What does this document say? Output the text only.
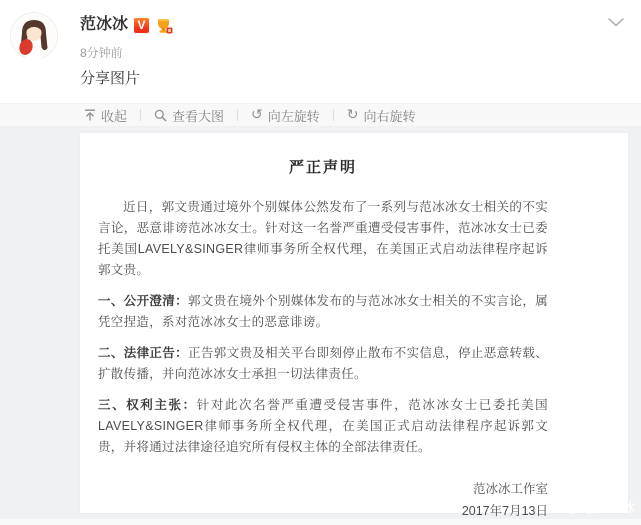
范冰冰 V
8分钟前
分享图片
收起	查看大图 ↺ 向左旋转 ↻ 向右旋转
严正声明

近日，郭文贵通过境外个别媒体公然发布了一系列与范冰冰女士相关的不实言论，恶意诽谤范冰冰女士。针对这一名誉严重遭受侵害事件，范冰冰女士已委托美国LAVELY&SINGER律师事务所全权代理，在美国正式启动法律程序起诉郭文贵。

一、公开澄清：郭文贵在境外个别媒体发布的与范冰冰女士相关的不实言论，属凭空捏造，系对范冰冰女士的恶意诽谤。

二、法律正告：正告郭文贵及相关平台即刻停止散布不实信息，停止恶意转载、扩散传播，并向范冰冰女士承担一切法律责任。

三、权利主张：针对此次名誉严重遭受侵害事件，范冰冰女士已委托美国LAVELY&SINGER律师事务所全权代理，在美国正式启动法律程序起诉郭文贵，并将通过法律途径追究所有侵权主体的全部法律责任。

范冰冰工作室
2017年7月13日	@范冰冰
